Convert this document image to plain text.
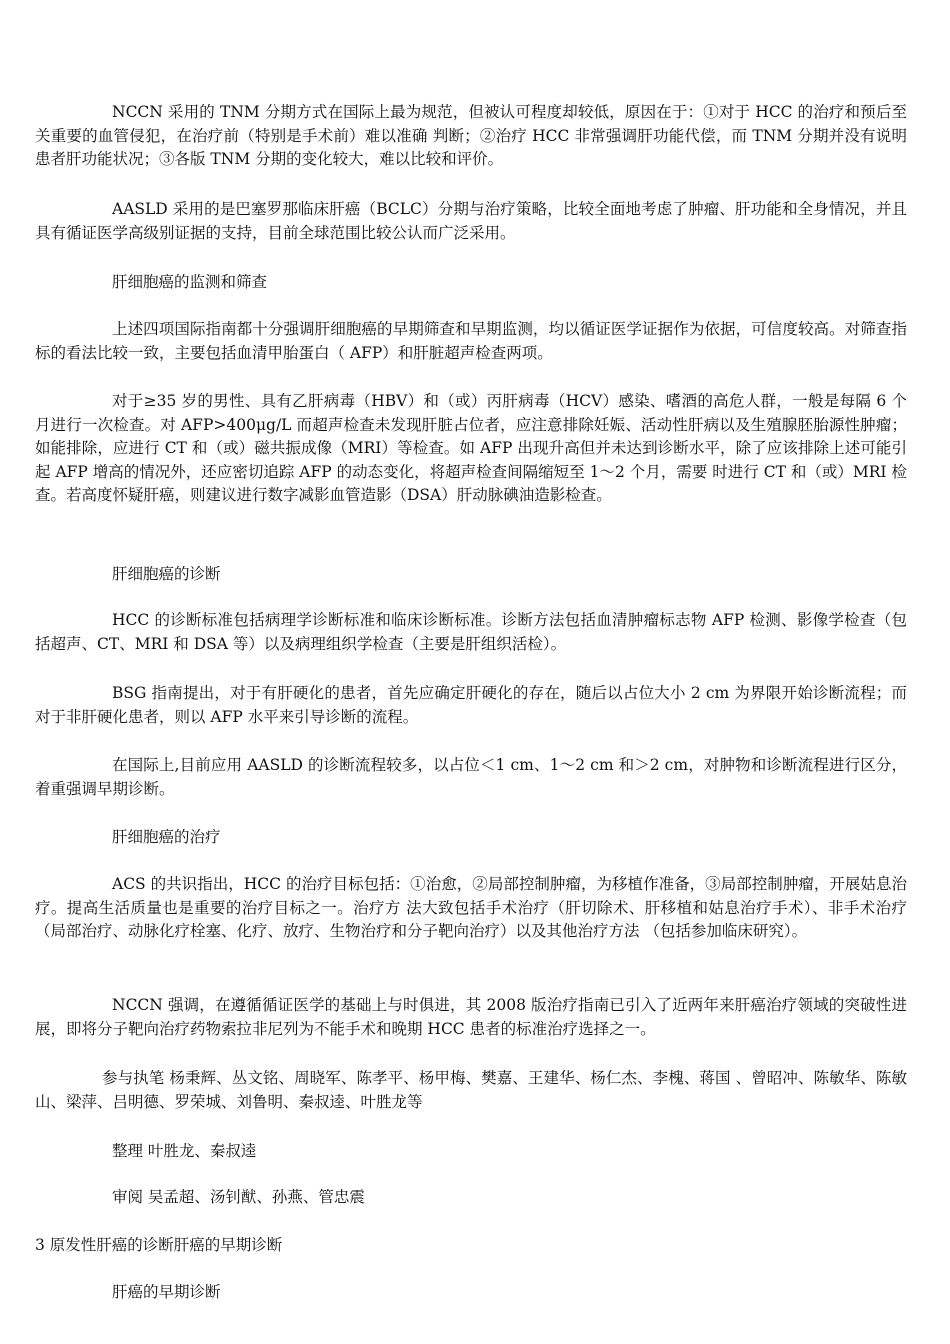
NCCN 采用的 TNM 分期方式在国际上最为规范，但被认可程度却较低，原因在于：①对于 HCC 的治疗和预后至关重要的血管侵犯，在治疗前（特别是手术前）难以准确 判断；②治疗 HCC 非常强调肝功能代偿，而 TNM 分期并没有说明患者肝功能状况；③各版 TNM 分期的变化较大，难以比较和评价。

AASLD 采用的是巴塞罗那临床肝癌（BCLC）分期与治疗策略，比较全面地考虑了肿瘤、肝功能和全身情况，并且具有循证医学高级别证据的支持，目前全球范围比较公认而广泛采用。

肝细胞癌的监测和筛查

上述四项国际指南都十分强调肝细胞癌的早期筛查和早期监测，均以循证医学证据作为依据，可信度较高。对筛查指标的看法比较一致，主要包括血清甲胎蛋白（ AFP）和肝脏超声检查两项。

对于≥35 岁的男性、具有乙肝病毒（HBV）和（或）丙肝病毒（HCV）感染、嗜酒的高危人群，一般是每隔 6 个月进行一次检查。对 AFP>400μg/L 而超声检查未发现肝脏占位者，应注意排除妊娠、活动性肝病以及生殖腺胚胎源性肿瘤；如能排除，应进行 CT 和（或）磁共振成像（MRI）等检查。如 AFP 出现升高但并未达到诊断水平，除了应该排除上述可能引起 AFP 增高的情况外，还应密切追踪 AFP 的动态变化，将超声检查间隔缩短至 1～2 个月，需要 时进行 CT 和（或）MRI 检查。若高度怀疑肝癌，则建议进行数字减影血管造影（DSA）肝动脉碘油造影检查。

肝细胞癌的诊断

HCC 的诊断标准包括病理学诊断标准和临床诊断标准。诊断方法包括血清肿瘤标志物 AFP 检测、影像学检查（包括超声、CT、MRI 和 DSA 等）以及病理组织学检查（主要是肝组织活检）。

BSG 指南提出，对于有肝硬化的患者，首先应确定肝硬化的存在，随后以占位大小 2 cm 为界限开始诊断流程；而对于非肝硬化患者，则以 AFP 水平来引导诊断的流程。

在国际上,目前应用 AASLD 的诊断流程较多，以占位＜1 cm、1～2 cm 和＞2 cm，对肿物和诊断流程进行区分，着重强调早期诊断。

肝细胞癌的治疗

ACS 的共识指出，HCC 的治疗目标包括：①治愈，②局部控制肿瘤，为移植作准备，③局部控制肿瘤，开展姑息治疗。提高生活质量也是重要的治疗目标之一。治疗方 法大致包括手术治疗（肝切除术、肝移植和姑息治疗手术）、非手术治疗（局部治疗、动脉化疗栓塞、化疗、放疗、生物治疗和分子靶向治疗）以及其他治疗方法 （包括参加临床研究）。

NCCN 强调，在遵循循证医学的基础上与时俱进，其 2008 版治疗指南已引入了近两年来肝癌治疗领域的突破性进展，即将分子靶向治疗药物索拉非尼列为不能手术和晚期 HCC 患者的标准治疗选择之一。

参与执笔 杨秉辉、丛文铭、周晓军、陈孝平、杨甲梅、樊嘉、王建华、杨仁杰、李槐、蒋国 、曾昭冲、陈敏华、陈敏山、梁萍、吕明德、罗荣城、刘鲁明、秦叔逵、叶胜龙等

整理 叶胜龙、秦叔逵

审阅 吴孟超、汤钊猷、孙燕、管忠震

3 原发性肝癌的诊断肝癌的早期诊断

肝癌的早期诊断
